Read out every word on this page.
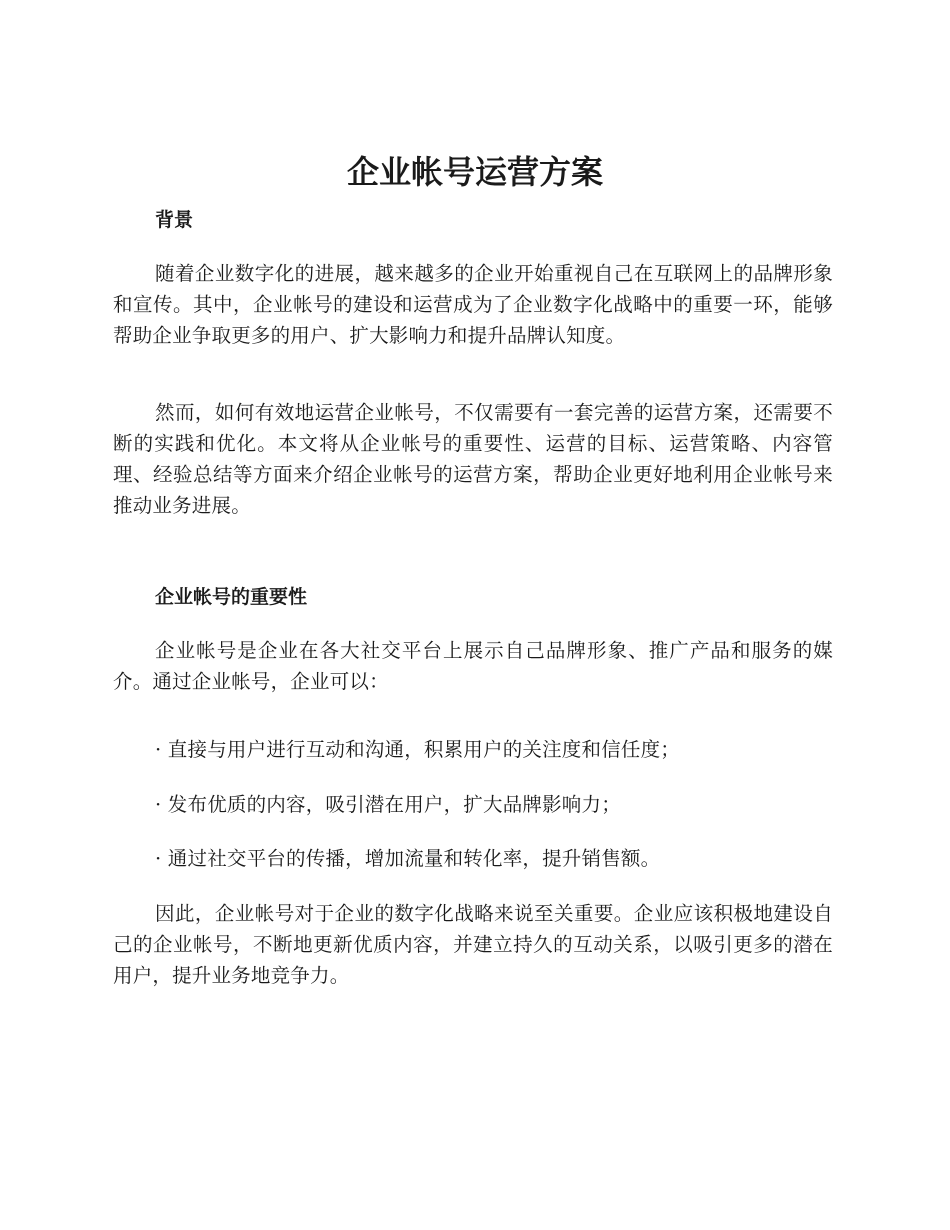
企业帐号运营方案
背景

随着企业数字化的进展，越来越多的企业开始重视自己在互联网上的品牌形象和宣传。其中，企业帐号的建设和运营成为了企业数字化战略中的重要一环，能够帮助企业争取更多的用户、扩大影响力和提升品牌认知度。

然而，如何有效地运营企业帐号，不仅需要有一套完善的运营方案，还需要不断的实践和优化。本文将从企业帐号的重要性、运营的目标、运营策略、内容管理、经验总结等方面来介绍企业帐号的运营方案，帮助企业更好地利用企业帐号来推动业务进展。

企业帐号的重要性

企业帐号是企业在各大社交平台上展示自己品牌形象、推广产品和服务的媒介。通过企业帐号，企业可以：

· 直接与用户进行互动和沟通，积累用户的关注度和信任度；

· 发布优质的内容，吸引潜在用户，扩大品牌影响力；

· 通过社交平台的传播，增加流量和转化率，提升销售额。

因此，企业帐号对于企业的数字化战略来说至关重要。企业应该积极地建设自己的企业帐号，不断地更新优质内容，并建立持久的互动关系，以吸引更多的潜在用户，提升业务地竞争力。
